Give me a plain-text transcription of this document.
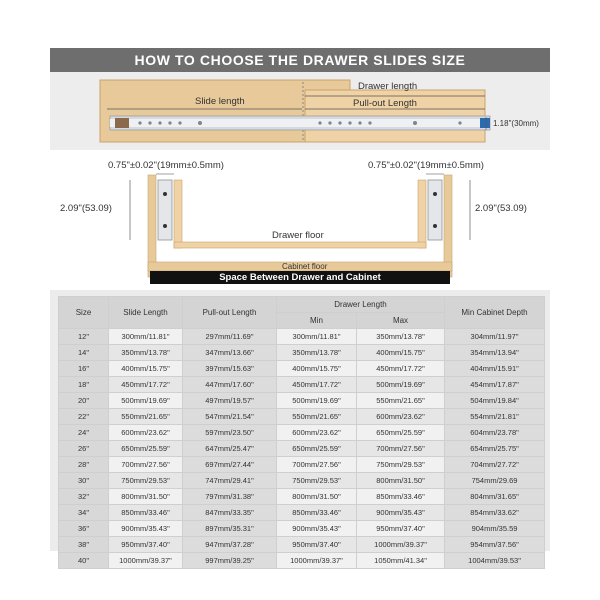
HOW TO CHOOSE THE DRAWER SLIDES SIZE
Drawer length
Slide length	Pull-out Length
1.18"(30mm)
0.75"±0.02"(19mm±0.5mm)	0.75"±0.02"(19mm±0.5mm)
2.09"(53.09)	2.09"(53.09)
Drawer floor
Cabinet floor
Space Between Drawer and Cabinet
Size	Slide Length	Pull-out Length	Drawer Length		Min Cabinet Depth
			Min	Max	
12"	300mm/11.81"	297mm/11.69"	300mm/11.81"	350mm/13.78"	304mm/11.97"
14"	350mm/13.78"	347mm/13.66"	350mm/13.78"	400mm/15.75"	354mm/13.94"
16"	400mm/15.75"	397mm/15.63"	400mm/15.75"	450mm/17.72"	404mm/15.91"
18"	450mm/17.72"	447mm/17.60"	450mm/17.72"	500mm/19.69"	454mm/17.87"
20"	500mm/19.69"	497mm/19.57"	500mm/19.69"	550mm/21.65"	504mm/19.84"
22"	550mm/21.65"	547mm/21.54"	550mm/21.65"	600mm/23.62"	554mm/21.81"
24"	600mm/23.62"	597mm/23.50"	600mm/23.62"	650mm/25.59"	604mm/23.78"
26"	650mm/25.59"	647mm/25.47"	650mm/25.59"	700mm/27.56"	654mm/25.75"
28"	700mm/27.56"	697mm/27.44"	700mm/27.56"	750mm/29.53"	704mm/27.72"
30"	750mm/29.53"	747mm/29.41"	750mm/29.53"	800mm/31.50"	754mm/29.69
32"	800mm/31.50"	797mm/31.38"	800mm/31.50"	850mm/33.46"	804mm/31.65"
34"	850mm/33.46"	847mm/33.35"	850mm/33.46"	900mm/35.43"	854mm/33.62"
36"	900mm/35.43"	897mm/35.31"	900mm/35.43"	950mm/37.40"	904mm/35.59
38"	950mm/37.40"	947mm/37.28"	950mm/37.40"	1000mm/39.37"	954mm/37.56"
40"	1000mm/39.37"	997mm/39.25"	1000mm/39.37"	1050mm/41.34"	1004mm/39.53"
